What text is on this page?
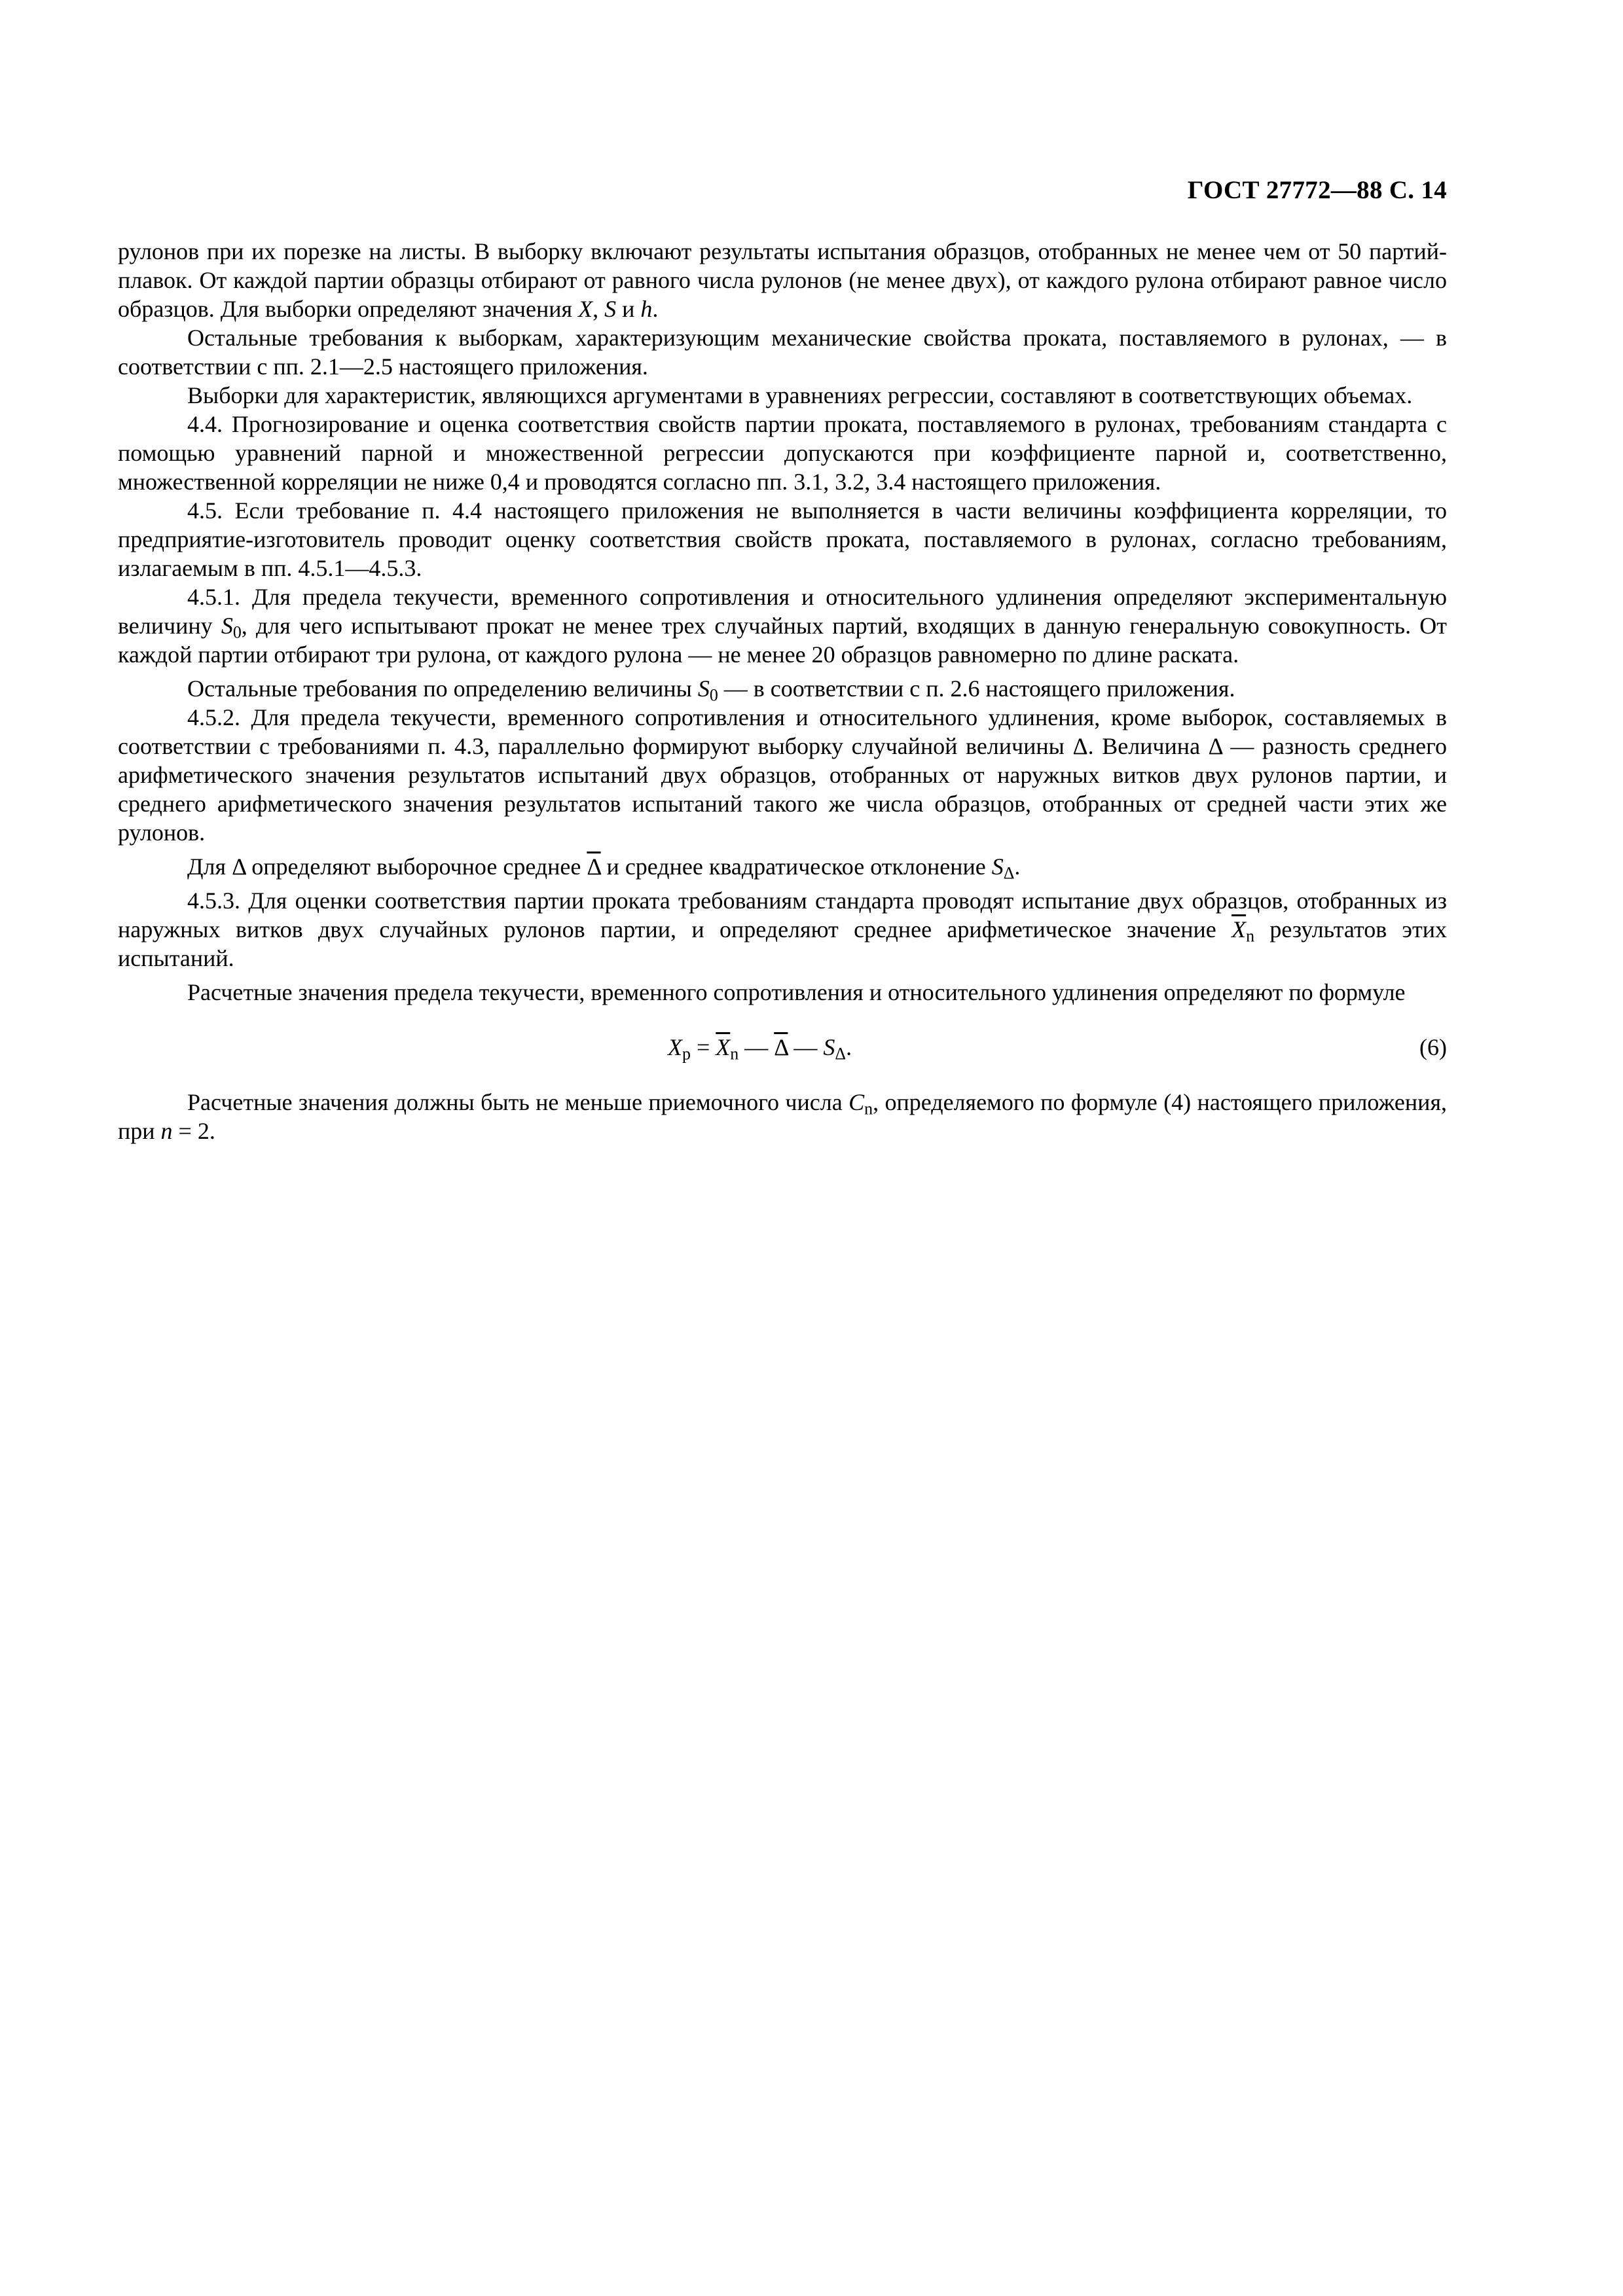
ГОСТ 27772—88 С. 14

рулонов при их порезке на листы. В выборку включают результаты испытания образцов, отобранных не менее чем от 50 партий-плавок. От каждой партии образцы отбирают от равного числа рулонов (не менее двух), от каждого рулона отбирают равное число образцов. Для выборки определяют значения X, S и h.

Остальные требования к выборкам, характеризующим механические свойства проката, поставляемого в рулонах, — в соответствии с пп. 2.1—2.5 настоящего приложения.

Выборки для характеристик, являющихся аргументами в уравнениях регрессии, составляют в соответствующих объемах.

4.4. Прогнозирование и оценка соответствия свойств партии проката, поставляемого в рулонах, требованиям стандарта с помощью уравнений парной и множественной регрессии допускаются при коэффициенте парной и, соответственно, множественной корреляции не ниже 0,4 и проводятся согласно пп. 3.1, 3.2, 3.4 настоящего приложения.

4.5. Если требование п. 4.4 настоящего приложения не выполняется в части величины коэффициента корреляции, то предприятие-изготовитель проводит оценку соответствия свойств проката, поставляемого в рулонах, согласно требованиям, излагаемым в пп. 4.5.1—4.5.3.

4.5.1. Для предела текучести, временного сопротивления и относительного удлинения определяют экспериментальную величину $S_0$, для чего испытывают прокат не менее трех случайных партий, входящих в данную генеральную совокупность. От каждой партии отбирают три рулона, от каждого рулона — не менее 20 образцов равномерно по длине раската.

Остальные требования по определению величины $S_0$ — в соответствии с п. 2.6 настоящего приложения.

4.5.2. Для предела текучести, временного сопротивления и относительного удлинения, кроме выборок, составляемых в соответствии с требованиями п. 4.3, параллельно формируют выборку случайной величины Δ. Величина Δ — разность среднего арифметического значения результатов испытаний двух образцов, отобранных от наружных витков двух рулонов партии, и среднего арифметического значения результатов испытаний такого же числа образцов, отобранных от средней части этих же рулонов.

Для Δ определяют выборочное среднее $\overline{\Delta}$ и среднее квадратическое отклонение $S_\Delta$.

4.5.3. Для оценки соответствия партии проката требованиям стандарта проводят испытание двух образцов, отобранных из наружных витков двух случайных рулонов партии, и определяют среднее арифметическое значение $\overline{X}_n$ результатов этих испытаний.

Расчетные значения предела текучести, временного сопротивления и относительного удлинения определяют по формуле

$X_p = \overline{X}_n$ — $\overline{\Delta}$ — $S_\Delta$.	(6)

Расчетные значения должны быть не меньше приемочного числа $C_n$, определяемого по формуле (4) настоящего приложения, при n = 2.
